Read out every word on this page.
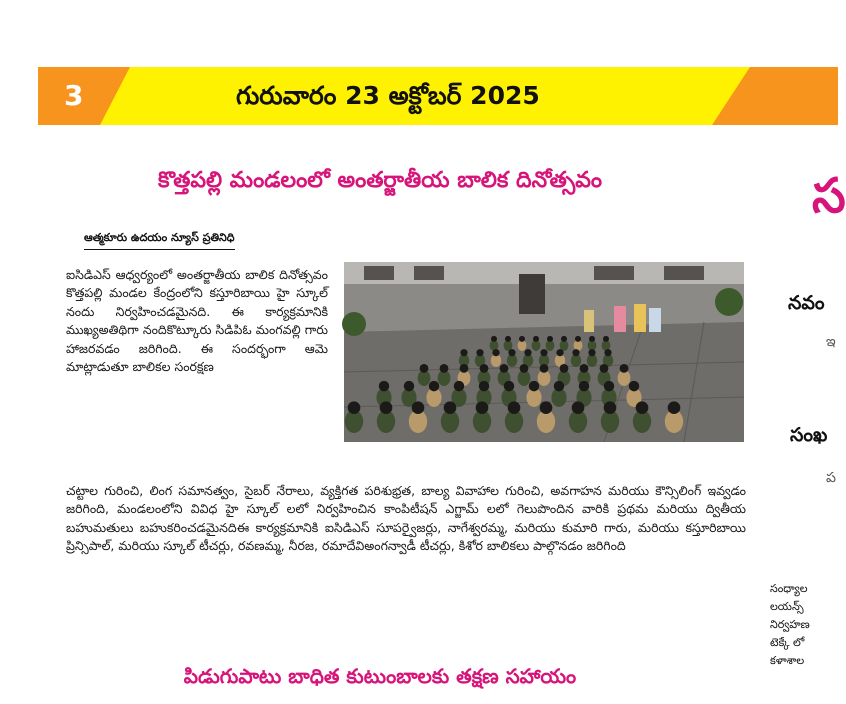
3	గురువారం 23 అక్టోబర్ 2025
కొత్తపల్లి మండలంలో అంతర్జాతీయ బాలిక దినోత్సవం
ఆత్మకూరు ఉదయం న్యూస్ ప్రతినిధి

ఐసిడిఎస్ ఆధ్వర్యంలో అంతర్జాతీయ బాలిక దినోత్సవం కొత్తపల్లి మండల కేంద్రంలోని కస్తూరిబాయి హై స్కూల్ నందు నిర్వహించడమైనది. ఈ కార్యక్రమానికి ముఖ్యఅతిథిగా నందికొట్కూరు సిడిపిఓ మంగవల్లి గారు హాజరవడం జరిగింది. ఈ సందర్భంగా ఆమె మాట్లాడుతూ బాలికల సంరక్షణ

చట్టాల గురించి, లింగ సమానత్వం, సైబర్ నేరాలు, వ్యక్తిగత పరిశుభ్రత, బాల్య వివాహాల గురించి, అవగాహన మరియు కౌన్సిలింగ్ ఇవ్వడం జరిగింది, మండలంలోని వివిధ హై స్కూల్ లలో నిర్వహించిన కాంపిటీషన్ ఎగ్జామ్ లలో గెలుపొందిన వారికి ప్రథమ మరియు ద్వితీయ బహుమతులు బహుకరించడమైనదిఈ కార్యక్రమానికి ఐసిడిఎస్ సూపర్వైజర్లు, నాగేశ్వరమ్మ, మరియు కుమారి గారు, మరియు కస్తూరిబాయి ప్రిన్సిపాల్, మరియు స్కూల్ టీచర్లు, రవణమ్మ, నీరజ, రమాదేవిఅంగన్వాడీ టీచర్లు, కిశోర బాలికలు పాల్గొనడం జరిగింది

పిడుగుపాటు బాధిత కుటుంబాలకు తక్షణ సహాయం
స
నవం
ఇ
సంఖ
ప
సంధ్యాల
లయన్స్
నిర్వహణ
టెక్కే లో
కళాశాల
